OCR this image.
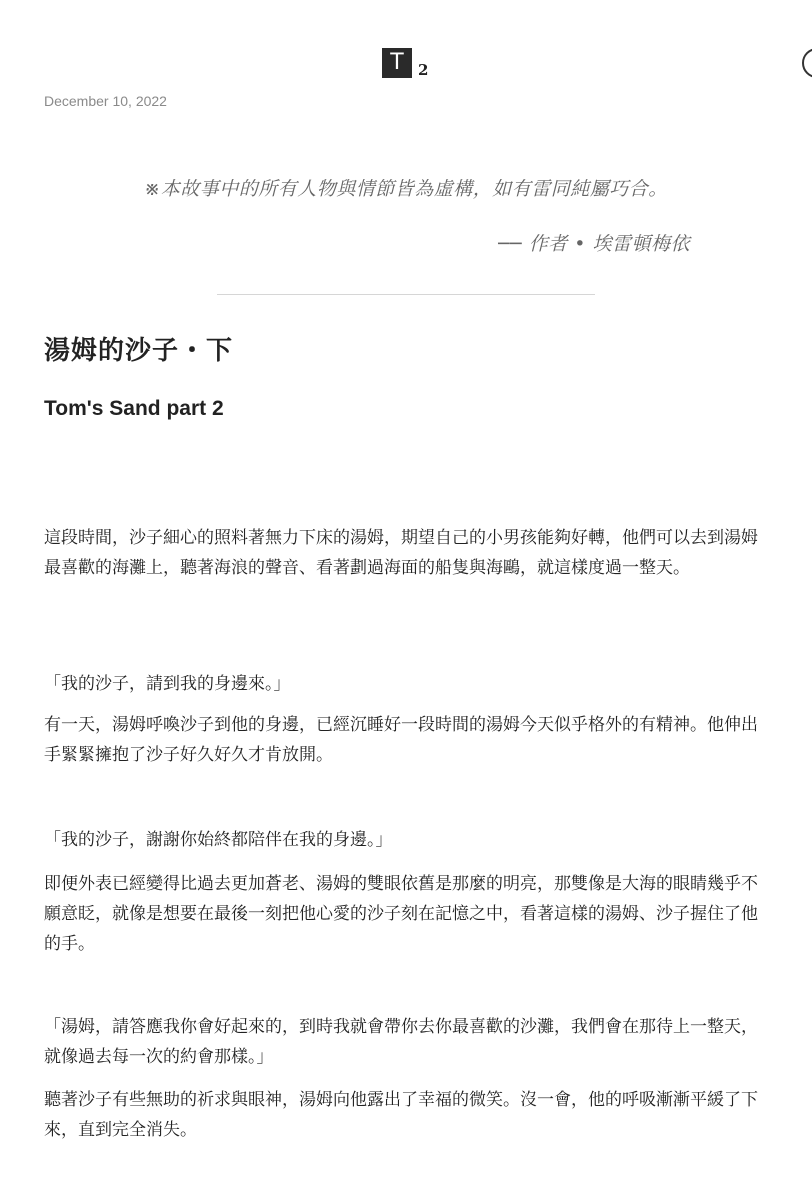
T 2
December 10, 2022
※本故事中的所有人物與情節皆為虛構，如有雷同純屬巧合。
── 作者 • 埃雷頓梅依
湯姆的沙子・下
Tom's Sand part 2

這段時間，沙子細心的照料著無力下床的湯姆，期望自己的小男孩能夠好轉，他們可以去到湯姆最喜歡的海灘上，聽著海浪的聲音、看著劃過海面的船隻與海鷗，就這樣度過一整天。

「我的沙子，請到我的身邊來。」

有一天，湯姆呼喚沙子到他的身邊，已經沉睡好一段時間的湯姆今天似乎格外的有精神。他伸出手緊緊擁抱了沙子好久好久才肯放開。

「我的沙子，謝謝你始終都陪伴在我的身邊。」

即便外表已經變得比過去更加蒼老、湯姆的雙眼依舊是那麼的明亮，那雙像是大海的眼睛幾乎不願意眨，就像是想要在最後一刻把他心愛的沙子刻在記憶之中，看著這樣的湯姆、沙子握住了他的手。

「湯姆，請答應我你會好起來的，到時我就會帶你去你最喜歡的沙灘，我們會在那待上一整天，就像過去每一次的約會那樣。」

聽著沙子有些無助的祈求與眼神，湯姆向他露出了幸福的微笑。沒一會，他的呼吸漸漸平緩了下來，直到完全消失。
